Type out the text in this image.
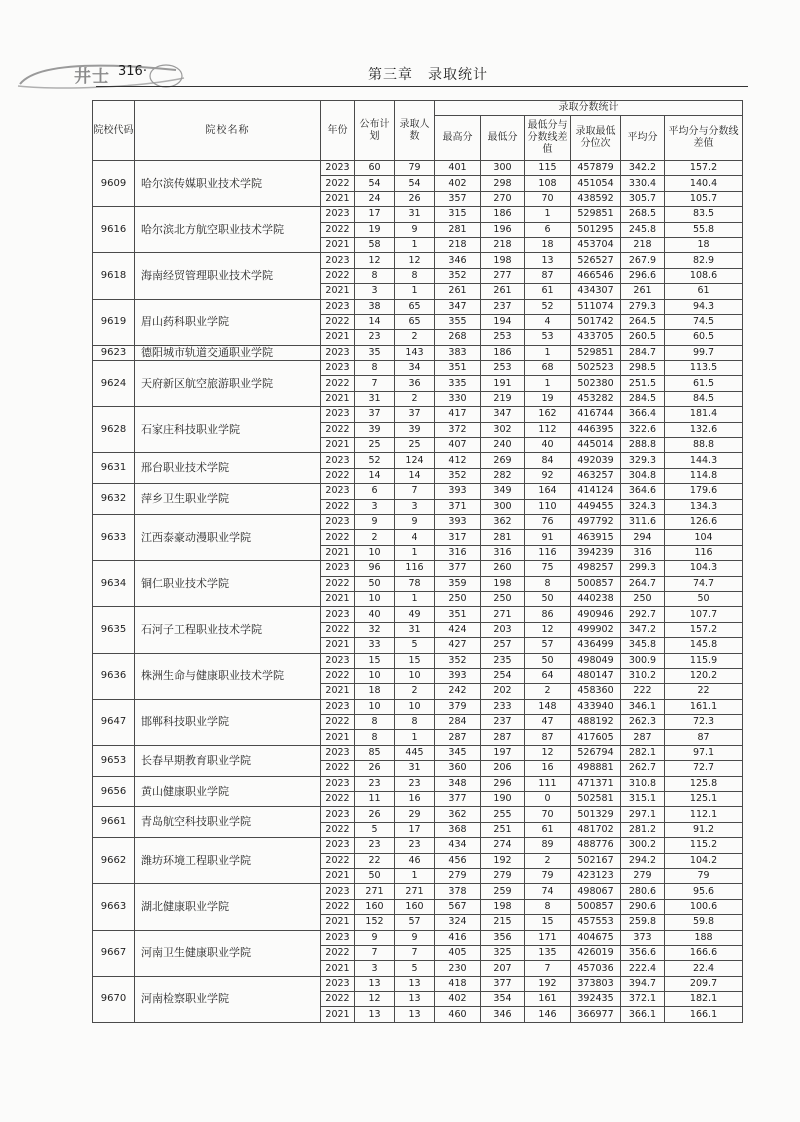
井士 316·	第三章　录取统计
院校代码	院校名称	年份	公布计划	录取人数	录取分数统计					
					最高分	最低分	最低分与分数线差值	录取最低分位次	平均分	平均分与分数线差值
9609	哈尔滨传媒职业技术学院	2023	60	79	401	300	115	457879	342.2	157.2
		2022	54	54	402	298	108	451054	330.4	140.4
		2021	24	26	357	270	70	438592	305.7	105.7
9616	哈尔滨北方航空职业技术学院	2023	17	31	315	186	1	529851	268.5	83.5
		2022	19	9	281	196	6	501295	245.8	55.8
		2021	58	1	218	218	18	453704	218	18
9618	海南经贸管理职业技术学院	2023	12	12	346	198	13	526527	267.9	82.9
		2022	8	8	352	277	87	466546	296.6	108.6
		2021	3	1	261	261	61	434307	261	61
9619	眉山药科职业学院	2023	38	65	347	237	52	511074	279.3	94.3
		2022	14	65	355	194	4	501742	264.5	74.5
		2021	23	2	268	253	53	433705	260.5	60.5
9623	德阳城市轨道交通职业学院	2023	35	143	383	186	1	529851	284.7	99.7
9624	天府新区航空旅游职业学院	2023	8	34	351	253	68	502523	298.5	113.5
		2022	7	36	335	191	1	502380	251.5	61.5
		2021	31	2	330	219	19	453282	284.5	84.5
9628	石家庄科技职业学院	2023	37	37	417	347	162	416744	366.4	181.4
		2022	39	39	372	302	112	446395	322.6	132.6
		2021	25	25	407	240	40	445014	288.8	88.8
9631	邢台职业技术学院	2023	52	124	412	269	84	492039	329.3	144.3
		2022	14	14	352	282	92	463257	304.8	114.8
9632	萍乡卫生职业学院	2023	6	7	393	349	164	414124	364.6	179.6
		2022	3	3	371	300	110	449455	324.3	134.3
9633	江西泰豪动漫职业学院	2023	9	9	393	362	76	497792	311.6	126.6
		2022	2	4	317	281	91	463915	294	104
		2021	10	1	316	316	116	394239	316	116
9634	铜仁职业技术学院	2023	96	116	377	260	75	498257	299.3	104.3
		2022	50	78	359	198	8	500857	264.7	74.7
		2021	10	1	250	250	50	440238	250	50
9635	石河子工程职业技术学院	2023	40	49	351	271	86	490946	292.7	107.7
		2022	32	31	424	203	12	499902	347.2	157.2
		2021	33	5	427	257	57	436499	345.8	145.8
9636	株洲生命与健康职业技术学院	2023	15	15	352	235	50	498049	300.9	115.9
		2022	10	10	393	254	64	480147	310.2	120.2
		2021	18	2	242	202	2	458360	222	22
9647	邯郸科技职业学院	2023	10	10	379	233	148	433940	346.1	161.1
		2022	8	8	284	237	47	488192	262.3	72.3
		2021	8	1	287	287	87	417605	287	87
9653	长春早期教育职业学院	2023	85	445	345	197	12	526794	282.1	97.1
		2022	26	31	360	206	16	498881	262.7	72.7
9656	黄山健康职业学院	2023	23	23	348	296	111	471371	310.8	125.8
		2022	11	16	377	190	0	502581	315.1	125.1
9661	青岛航空科技职业学院	2023	26	29	362	255	70	501329	297.1	112.1
		2022	5	17	368	251	61	481702	281.2	91.2
9662	潍坊环境工程职业学院	2023	23	23	434	274	89	488776	300.2	115.2
		2022	22	46	456	192	2	502167	294.2	104.2
		2021	50	1	279	279	79	423123	279	79
9663	湖北健康职业学院	2023	271	271	378	259	74	498067	280.6	95.6
		2022	160	160	567	198	8	500857	290.6	100.6
		2021	152	57	324	215	15	457553	259.8	59.8
9667	河南卫生健康职业学院	2023	9	9	416	356	171	404675	373	188
		2022	7	7	405	325	135	426019	356.6	166.6
		2021	3	5	230	207	7	457036	222.4	22.4
9670	河南检察职业学院	2023	13	13	418	377	192	373803	394.7	209.7
		2022	12	13	402	354	161	392435	372.1	182.1
		2021	13	13	460	346	146	366977	366.1	166.1
